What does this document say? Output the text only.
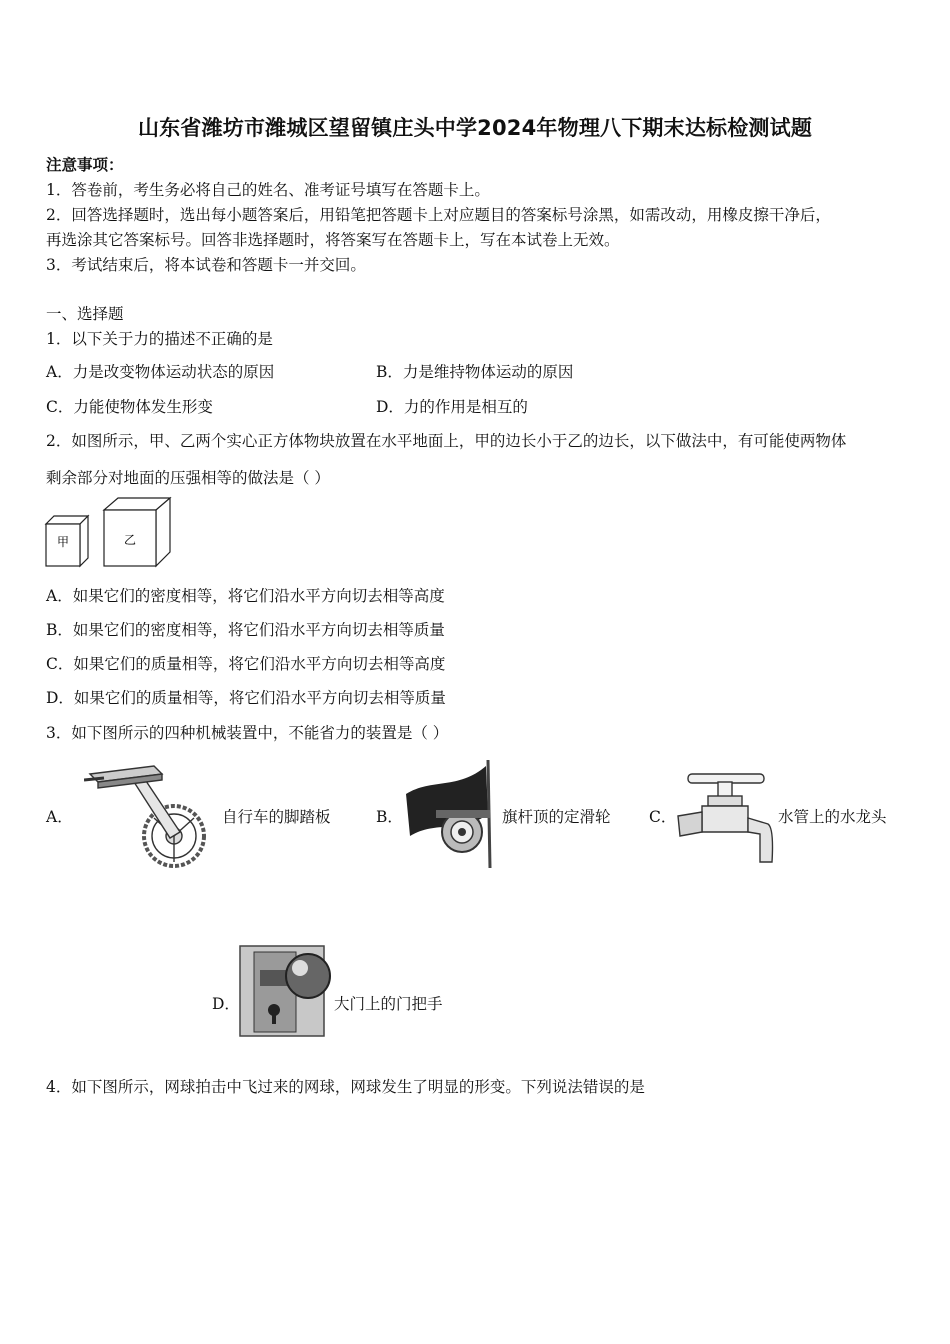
山东省潍坊市潍城区望留镇庄头中学2024年物理八下期末达标检测试题
注意事项：
1．答卷前，考生务必将自己的姓名、准考证号填写在答题卡上。
2．回答选择题时，选出每小题答案后，用铅笔把答题卡上对应题目的答案标号涂黑，如需改动，用橡皮擦干净后，
再选涂其它答案标号。回答非选择题时，将答案写在答题卡上，写在本试卷上无效。
3．考试结束后，将本试卷和答题卡一并交回。
一、选择题
1．以下关于力的描述不正确的是
A．力是改变物体运动状态的原因	B．力是维持物体运动的原因
C．力能使物体发生形变	D．力的作用是相互的
2．如图所示，甲、乙两个实心正方体物块放置在水平地面上，甲的边长小于乙的边长，以下做法中，有可能使两物体
剩余部分对地面的压强相等的做法是（ ）
甲	乙
A．如果它们的密度相等，将它们沿水平方向切去相等高度
B．如果它们的密度相等，将它们沿水平方向切去相等质量
C．如果它们的质量相等，将它们沿水平方向切去相等高度
D．如果它们的质量相等，将它们沿水平方向切去相等质量
3．如下图所示的四种机械装置中，不能省力的装置是（ ）
A．	自行车的脚踏板	B．	旗杆顶的定滑轮 C．	水管上的水龙头
D．	大门上的门把手
4．如下图所示，网球拍击中飞过来的网球，网球发生了明显的形变。下列说法错误的是
